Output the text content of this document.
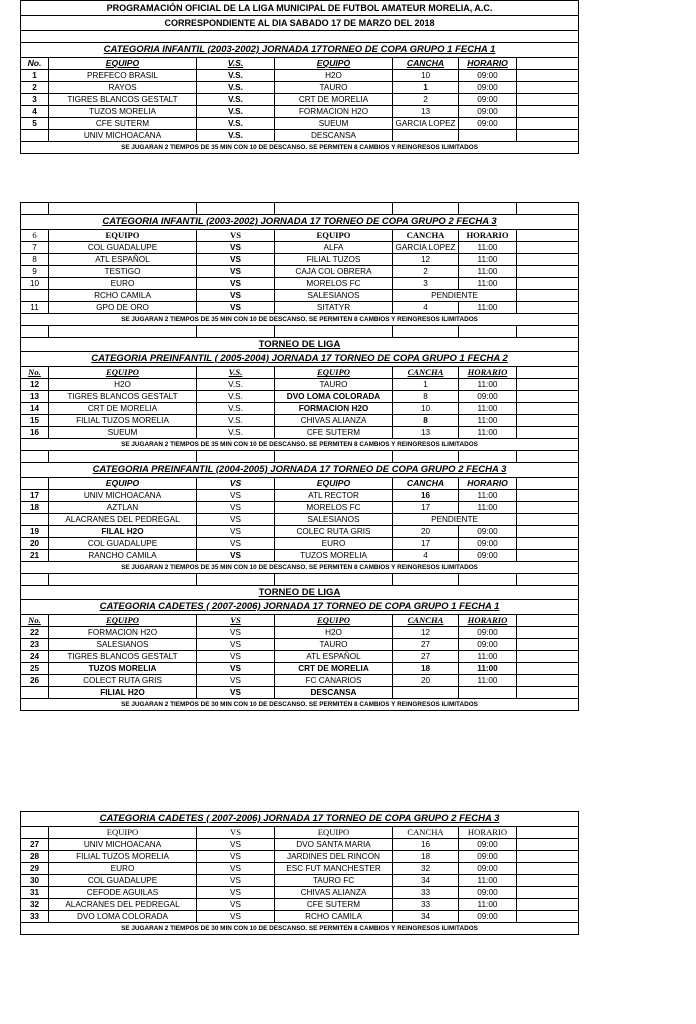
PROGRAMACIÓN OFICIAL DE LA LIGA MUNICIPAL DE FUTBOL AMATEUR MORELIA, A.C.						
CORRESPONDIENTE AL DIA SABADO 17 DE MARZO DEL 2018						

CATEGORIA INFANTIL (2003-2002) JORNADA 17TORNEO DE COPA GRUPO 1 FECHA 1						
No.	EQUIPO	V.S.	EQUIPO	CANCHA	HORARIO	
1	PREFECO BRASIL	V.S.	H2O	10	09:00	
2	RAYOS	V.S.	TAURO	1	09:00	
3	TIGRES BLANCOS GESTALT	V.S.	CRT DE MORELIA	2	09:00	
4	TUZOS MORELIA	V.S.	FORMACION H2O	13	09:00	
5	CFE SUTERM	V.S.	SUEUM	GARCIA LOPEZ	09:00	
	UNIV MICHOACANA	V.S.	DESCANSA			
SE JUGARAN 2 TIEMPOS DE 35 MIN CON 10 DE DESCANSO. SE PERMITEN 8 CAMBIOS Y REINGRESOS ILIMITADOS						

CATEGORIA INFANTIL (2003-2002) JORNADA 17 TORNEO DE COPA GRUPO 2 FECHA 3						
6	EQUIPO	VS	EQUIPO	CANCHA	HORARIO	
7	COL GUADALUPE	VS	ALFA	GARCIA LOPEZ	11:00	
8	ATL ESPAÑOL	VS	FILIAL TUZOS	12	11:00	
9	TESTIGO	VS	CAJA COL OBRERA	2	11:00	
10	EURO	VS	MORELOS FC	3	11:00	
	RCHO CAMILA	VS	SALESIANOS	PENDIENTE		
11	GPO DE ORO	VS	SITATYR	4	11:00	
SE JUGARAN 2 TIEMPOS DE 35 MIN CON 10 DE DESCANSO. SE PERMITEN 8 CAMBIOS Y REINGRESOS ILIMITADOS						

TORNEO DE LIGA						
CATEGORIA PREINFANTIL ( 2005-2004) JORNADA 17 TORNEO DE COPA GRUPO 1 FECHA 2						
No.	EQUIPO	V.S.	EQUIPO	CANCHA	HORARIO	
12	H2O	V.S.	TAURO	1	11:00	
13	TIGRES BLANCOS GESTALT	V.S.	DVO LOMA COLORADA	8	09:00	
14	CRT DE MORELIA	V.S.	FORMACION H2O	10	11:00	
15	FILIAL TUZOS MORELIA	V.S.	CHIVAS ALIANZA	8	11:00	
16	SUEUM	V.S.	CFE SUTERM	13	11:00	
SE JUGARAN 2 TIEMPOS DE 35 MIN CON 10 DE DESCANSO. SE PERMITEN 8 CAMBIOS Y REINGRESOS ILIMITADOS						

CATEGORIA PREINFANTIL (2004-2005) JORNADA 17 TORNEO DE COPA GRUPO 2 FECHA 3						
	EQUIPO	VS	EQUIPO	CANCHA	HORARIO	
17	UNIV MICHOACANA	VS	ATL RECTOR	16	11:00	
18	AZTLAN	VS	MORELOS FC	17	11:00	
	ALACRANES DEL PEDREGAL	VS	SALESIANOS	PENDIENTE		
19	FILAL H2O	VS	COLEC RUTA GRIS	20	09:00	
20	COL GUADALUPE	VS	EURO	17	09:00	
21	RANCHO CAMILA	VS	TUZOS MORELIA	4	09:00	
SE JUGARAN 2 TIEMPOS DE 35 MIN CON 10 DE DESCANSO. SE PERMITEN 8 CAMBIOS Y REINGRESOS ILIMITADOS						

TORNEO DE LIGA						
CATEGORIA CADETES ( 2007-2006) JORNADA 17 TORNEO DE COPA GRUPO 1 FECHA 1						
No.	EQUIPO	VS	EQUIPO	CANCHA	HORARIO	
22	FORMACION H2O	VS	H2O	12	09:00	
23	SALESIANOS	VS	TAURO	27	09:00	
24	TIGRES BLANCOS GESTALT	VS	ATL ESPAÑOL	27	11:00	
25	TUZOS MORELIA	VS	CRT DE MORELIA	18	11:00	
26	COLECT RUTA GRIS	VS	FC CANARIOS	20	11:00	
	FILIAL H2O	VS	DESCANSA			
SE JUGARAN 2 TIEMPOS DE 30 MIN CON 10 DE DESCANSO. SE PERMITEN 8 CAMBIOS Y REINGRESOS ILIMITADOS						
CATEGORIA CADETES ( 2007-2006) JORNADA 17 TORNEO DE COPA GRUPO 2 FECHA 3						
	EQUIPO	VS	EQUIPO	CANCHA	HORARIO	
27	UNIV MICHOACANA	VS	DVO SANTA MARIA	16	09:00	
28	FILIAL TUZOS MORELIA	VS	JARDINES DEL RINCON	18	09:00	
29	EURO	VS	ESC FUT MANCHESTER	32	09:00	
30	COL GUADALUPE	VS	TAURO FC	34	11:00	
31	CEFODE AGUILAS	VS	CHIVAS ALIANZA	33	09:00	
32	ALACRANES DEL PEDREGAL	VS	CFE SUTERM	33	11:00	
33	DVO LOMA COLORADA	VS	RCHO CAMILA	34	09:00	
SE JUGARAN 2 TIEMPOS DE 30 MIN CON 10 DE DESCANSO. SE PERMITEN 8 CAMBIOS Y REINGRESOS ILIMITADOS						
